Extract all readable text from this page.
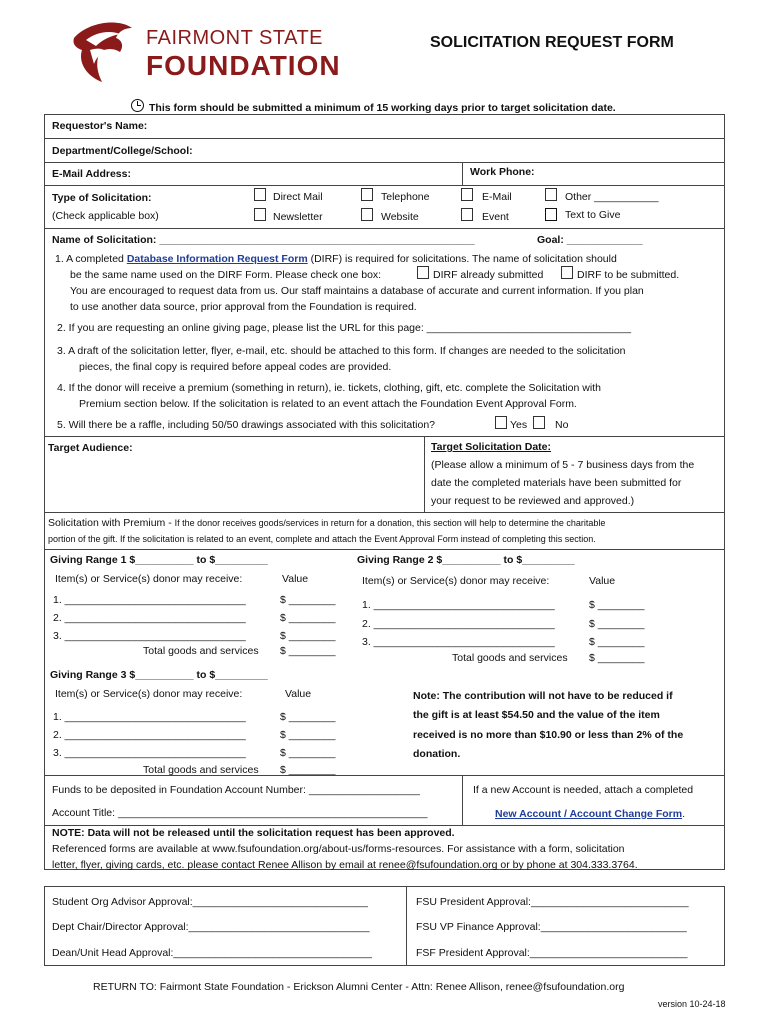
FAIRMONT STATE
FOUNDATION
SOLICITATION REQUEST FORM
This form should be submitted a minimum of 15 working days prior to target solicitation date.
Requestor's Name:
Department/College/School:
E-Mail Address:	Work Phone:
Type of Solicitation:
(Check applicable box)
Direct Mail	Telephone	E-Mail	Other ___________
Newsletter	Website	Event	Text to Give
Name of Solicitation: ______________________________________________________	Goal: _____________
1. A completed Database Information Request Form (DIRF) is required for solicitations. The name of solicitation should
be the same name used on the DIRF Form. Please check one box:	DIRF already submitted	DIRF to be submitted.
You are encouraged to request data from us. Our staff maintains a database of accurate and current information. If you plan
to use another data source, prior approval from the Foundation is required.
2. If you are requesting an online giving page, please list the URL for this page: ___________________________________
3. A draft of the solicitation letter, flyer, e-mail, etc. should be attached to this form. If changes are needed to the solicitation
pieces, the final copy is required before appeal codes are provided.
4. If the donor will receive a premium (something in return), ie. tickets, clothing, gift, etc. complete the Solicitation with
Premium section below. If the solicitation is related to an event attach the Foundation Event Approval Form.
5. Will there be a raffle, including 50/50 drawings associated with this solicitation?	Yes	No
Target Audience:	Target Solicitation Date:
(Please allow a minimum of 5 - 7 business days from the
date the completed materials have been submitted for
your request to be reviewed and approved.)
Solicitation with Premium - If the donor receives goods/services in return for a donation, this section will help to determine the charitable
portion of the gift. If the solicitation is related to an event, complete and attach the Event Approval Form instead of completing this section.
Giving Range 1 $__________ to $_________	Giving Range 2 $__________ to $_________
Item(s) or Service(s) donor may receive:	Value	Item(s) or Service(s) donor may receive:	Value
1. _______________________________	$ ________
2. _______________________________	$ ________
3. _______________________________	$ ________
Total goods and services $ ________
1. _______________________________	$ ________
2. _______________________________	$ ________
3. _______________________________	$ ________
Total goods and services $ ________
Giving Range 3 $__________ to $_________
Item(s) or Service(s) donor may receive:	Value
1. _______________________________	$ ________
2. _______________________________	$ ________
3. _______________________________	$ ________
Total goods and services $ ________
Note: The contribution will not have to be reduced if
the gift is at least $54.50 and the value of the item
received is no more than $10.90 or less than 2% of the
donation.
Funds to be deposited in Foundation Account Number: ___________________
Account Title: _____________________________________________________
If a new Account is needed, attach a completed
New Account / Account Change Form.
NOTE: Data will not be released until the solicitation request has been approved.
Referenced forms are available at www.fsufoundation.org/about-us/forms-resources. For assistance with a form, solicitation
letter, flyer, giving cards, etc. please contact Renee Allison by email at renee@fsufoundation.org or by phone at 304.333.3764.
Student Org Advisor Approval:______________________________	FSU President Approval:___________________________
Dept Chair/Director Approval:_______________________________	FSU VP Finance Approval:_________________________
Dean/Unit Head Approval:__________________________________	FSF President Approval:___________________________
RETURN TO: Fairmont State Foundation - Erickson Alumni Center - Attn: Renee Allison, renee@fsufoundation.org
version 10-24-18
